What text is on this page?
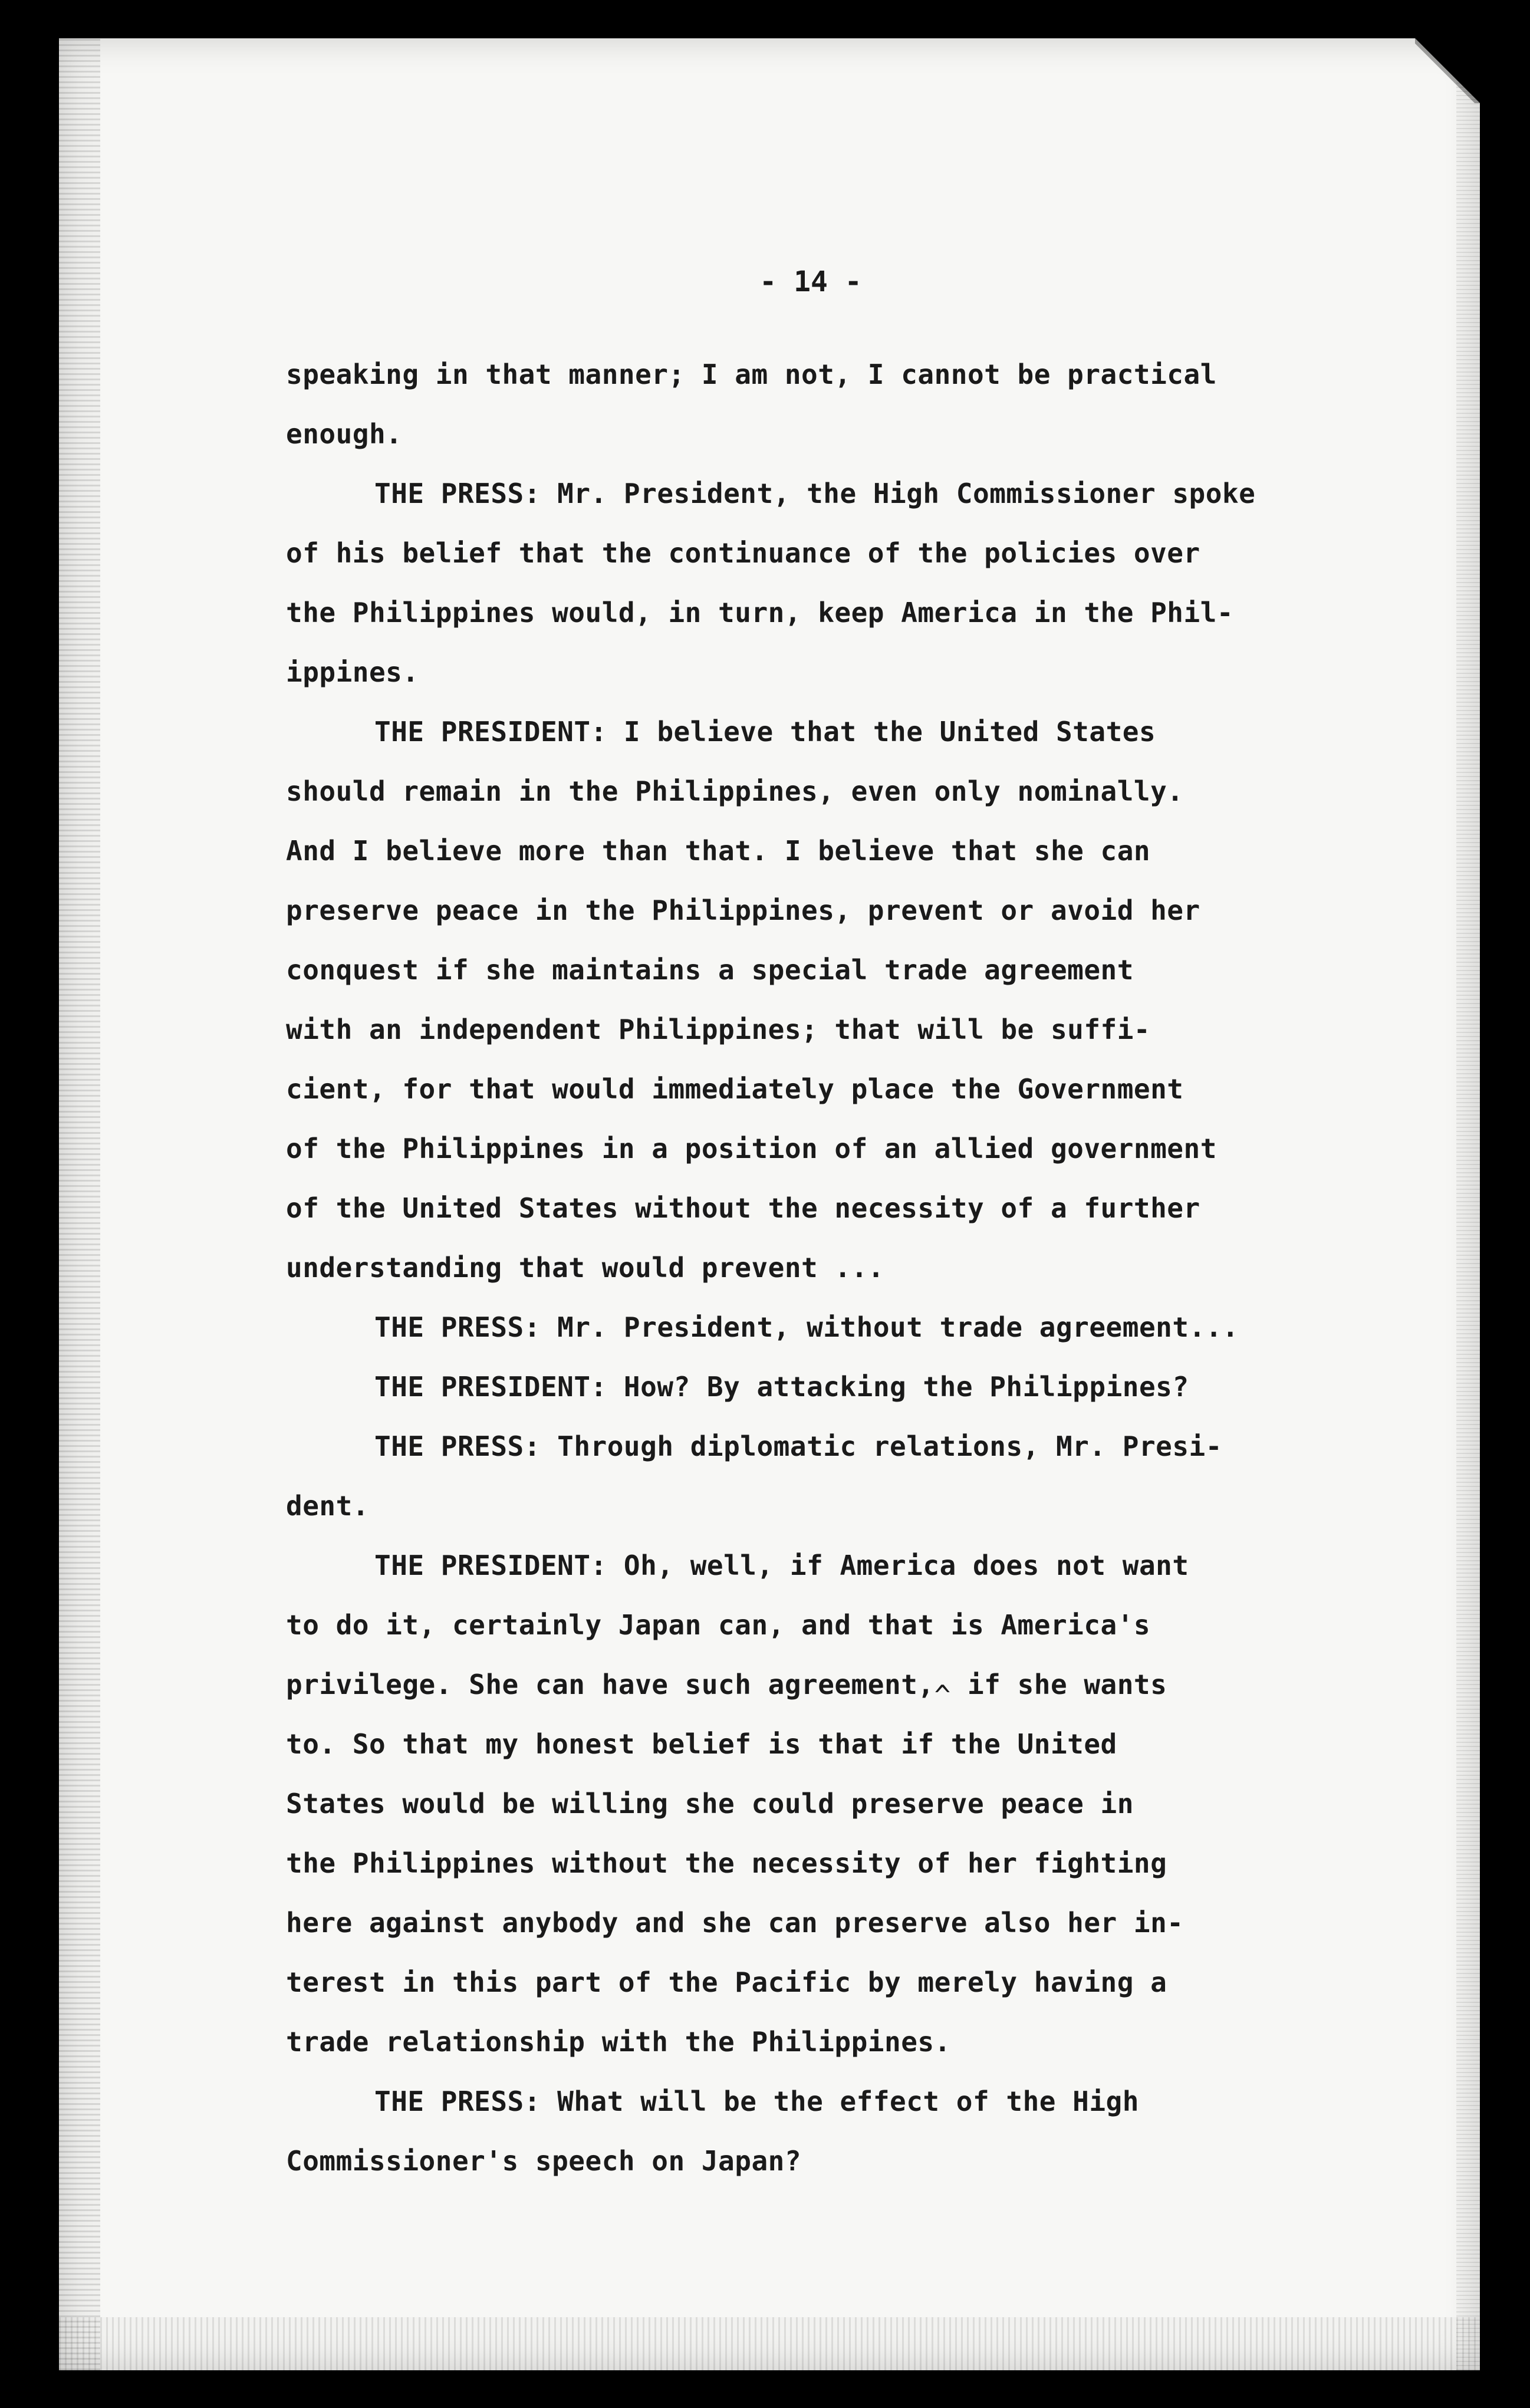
- 14 -
speaking in that manner; I am not, I cannot be practical
enough.
THE PRESS: Mr. President, the High Commissioner spoke
of his belief that the continuance of the policies over
the Philippines would, in turn, keep America in the Phil-
ippines.
THE PRESIDENT: I believe that the United States
should remain in the Philippines, even only nominally.
And I believe more than that. I believe that she can
preserve peace in the Philippines, prevent or avoid her
conquest if she maintains a special trade agreement
with an independent Philippines; that will be suffi-
cient, for that would immediately place the Government
of the Philippines in a position of an allied government
of the United States without the necessity of a further
understanding that would prevent ...
THE PRESS: Mr. President, without trade agreement...
THE PRESIDENT: How? By attacking the Philippines?
THE PRESS: Through diplomatic relations, Mr. Presi-
dent.
THE PRESIDENT: Oh, well, if America does not want
to do it, certainly Japan can, and that is America's
privilege. She can have such agreement,^ if she wants
to. So that my honest belief is that if the United
States would be willing she could preserve peace in
the Philippines without the necessity of her fighting
here against anybody and she can preserve also her in-
terest in this part of the Pacific by merely having a
trade relationship with the Philippines.
THE PRESS: What will be the effect of the High
Commissioner's speech on Japan?
